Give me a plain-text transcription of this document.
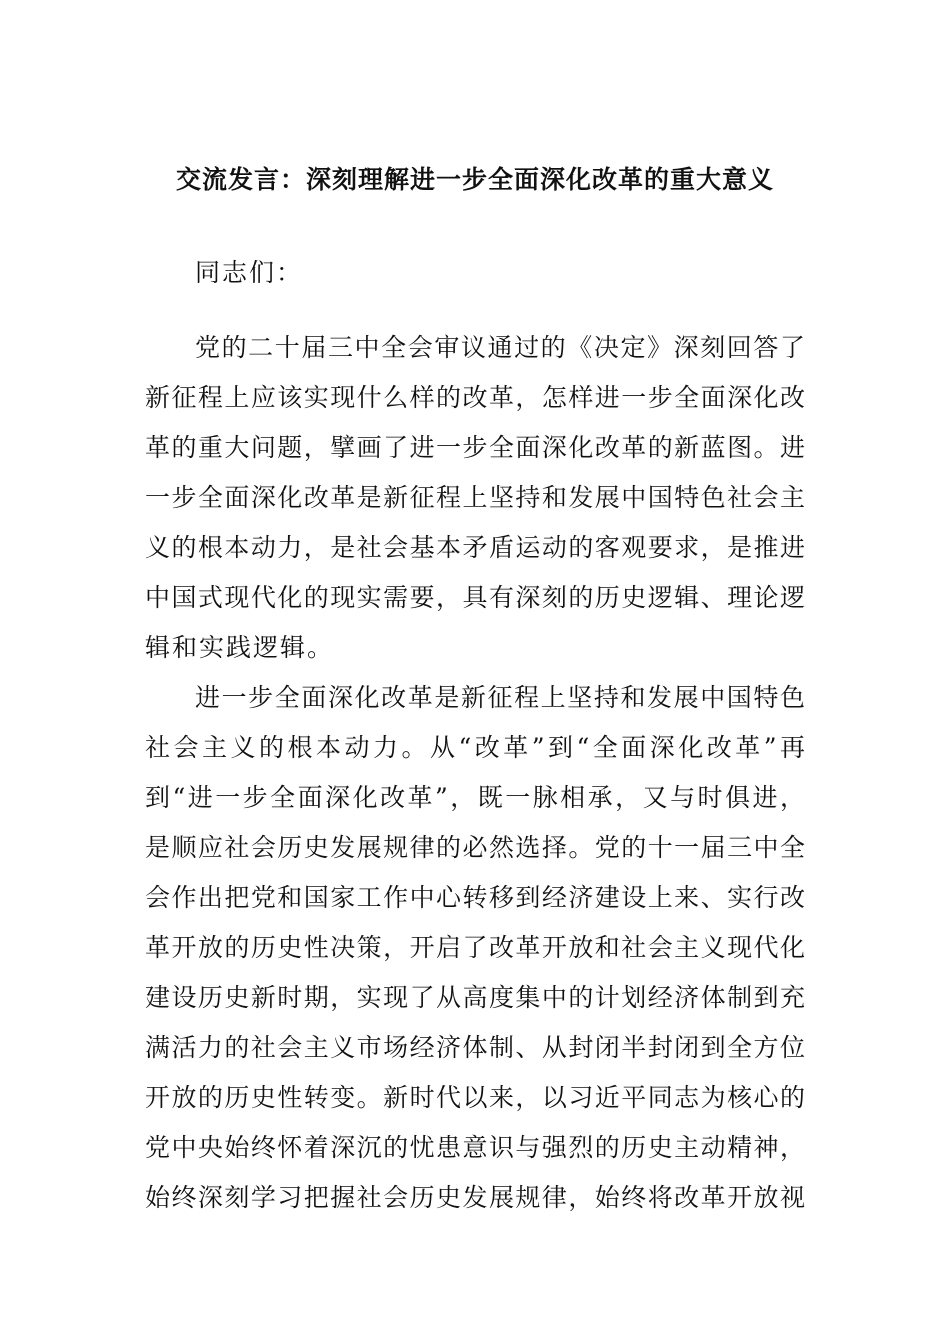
交流发言：深刻理解进一步全面深化改革的重大意义

同志们：

党的二十届三中全会审议通过的《决定》深刻回答了

新征程上应该实现什么样的改革，怎样进一步全面深化改

革的重大问题，擘画了进一步全面深化改革的新蓝图。进

一步全面深化改革是新征程上坚持和发展中国特色社会主

义的根本动力，是社会基本矛盾运动的客观要求，是推进

中国式现代化的现实需要，具有深刻的历史逻辑、理论逻

辑和实践逻辑。

进一步全面深化改革是新征程上坚持和发展中国特色

社会主义的根本动力。从“改革”到“全面深化改革”再

到“进一步全面深化改革”，既一脉相承，又与时俱进，

是顺应社会历史发展规律的必然选择。党的十一届三中全

会作出把党和国家工作中心转移到经济建设上来、实行改

革开放的历史性决策，开启了改革开放和社会主义现代化

建设历史新时期，实现了从高度集中的计划经济体制到充

满活力的社会主义市场经济体制、从封闭半封闭到全方位

开放的历史性转变。新时代以来，以习近平同志为核心的

党中央始终怀着深沉的忧患意识与强烈的历史主动精神，

始终深刻学习把握社会历史发展规律，始终将改革开放视
